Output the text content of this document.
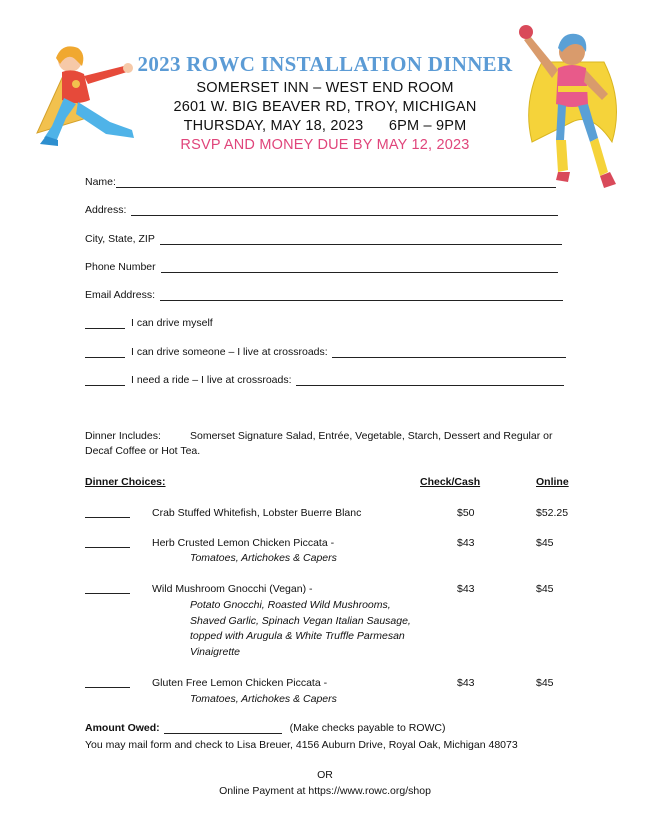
2023 ROWC INSTALLATION DINNER
SOMERSET INN – WEST END ROOM
2601 W. BIG BEAVER RD, TROY, MICHIGAN
THURSDAY, MAY 18, 2023      6PM – 9PM
RSVP AND MONEY DUE BY MAY 12, 2023
Name:
Address:
City, State, ZIP
Phone Number
Email Address:
I can drive myself
I can drive someone – I live at crossroads:
I need a ride – I live at crossroads:
Dinner Includes:	Somerset Signature Salad, Entrée, Vegetable, Starch, Dessert and Regular or
Decaf Coffee or Hot Tea.
Dinner Choices:	Check/Cash	Online
Crab Stuffed Whitefish, Lobster Buerre Blanc	$50	$52.25
Herb Crusted Lemon Chicken Piccata -
Tomatoes, Artichokes & Capers
$43	$45
Wild Mushroom Gnocchi (Vegan) -
Potato Gnocchi, Roasted Wild Mushrooms,
Shaved Garlic, Spinach Vegan Italian Sausage,
topped with Arugula & White Truffle Parmesan
Vinaigrette
$43	$45
Gluten Free Lemon Chicken Piccata -
Tomatoes, Artichokes & Capers
$43	$45
Amount Owed:	(Make checks payable to ROWC)
You may mail form and check to Lisa Breuer, 4156 Auburn Drive, Royal Oak, Michigan 48073
OR
Online Payment at https://www.rowc.org/shop
